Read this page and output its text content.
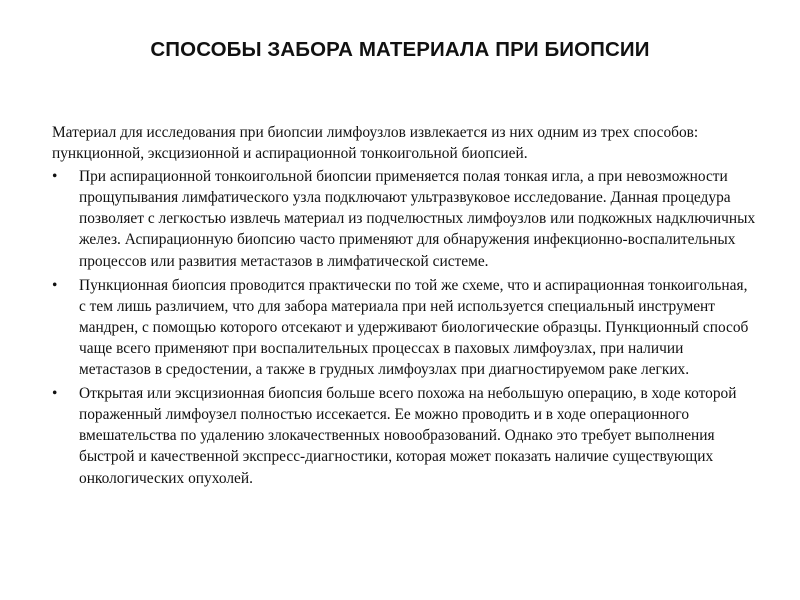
СПОСОБЫ ЗАБОРА МАТЕРИАЛА ПРИ БИОПСИИ

Материал для исследования при биопсии лимфоузлов извлекается из них одним из трех способов: пункционной, эксцизионной и аспирационной тонкоигольной биопсией.

•	При аспирационной тонкоигольной биопсии применяется полая тонкая игла, а при невозможности прощупывания лимфатического узла подключают ультразвуковое исследование. Данная процедура позволяет с легкостью извлечь материал из подчелюстных лимфоузлов или подкожных надключичных желез. Аспирационную биопсию часто применяют для обнаружения инфекционно-воспалительных процессов или развития метастазов в лимфатической системе.
•	Пункционная биопсия проводится практически по той же схеме, что и аспирационная тонкоигольная, с тем лишь различием, что для забора материала при ней используется специальный инструмент мандрен, с помощью которого отсекают и удерживают биологические образцы. Пункционный способ чаще всего применяют при воспалительных процессах в паховых лимфоузлах, при наличии метастазов в средостении, а также в грудных лимфоузлах при диагностируемом раке легких.
•	Открытая или эксцизионная биопсия больше всего похожа на небольшую операцию, в ходе которой пораженный лимфоузел полностью иссекается. Ее можно проводить и в ходе операционного вмешательства по удалению злокачественных новообразований. Однако это требует выполнения быстрой и качественной экспресс-диагностики, которая может показать наличие существующих онкологических опухолей.
